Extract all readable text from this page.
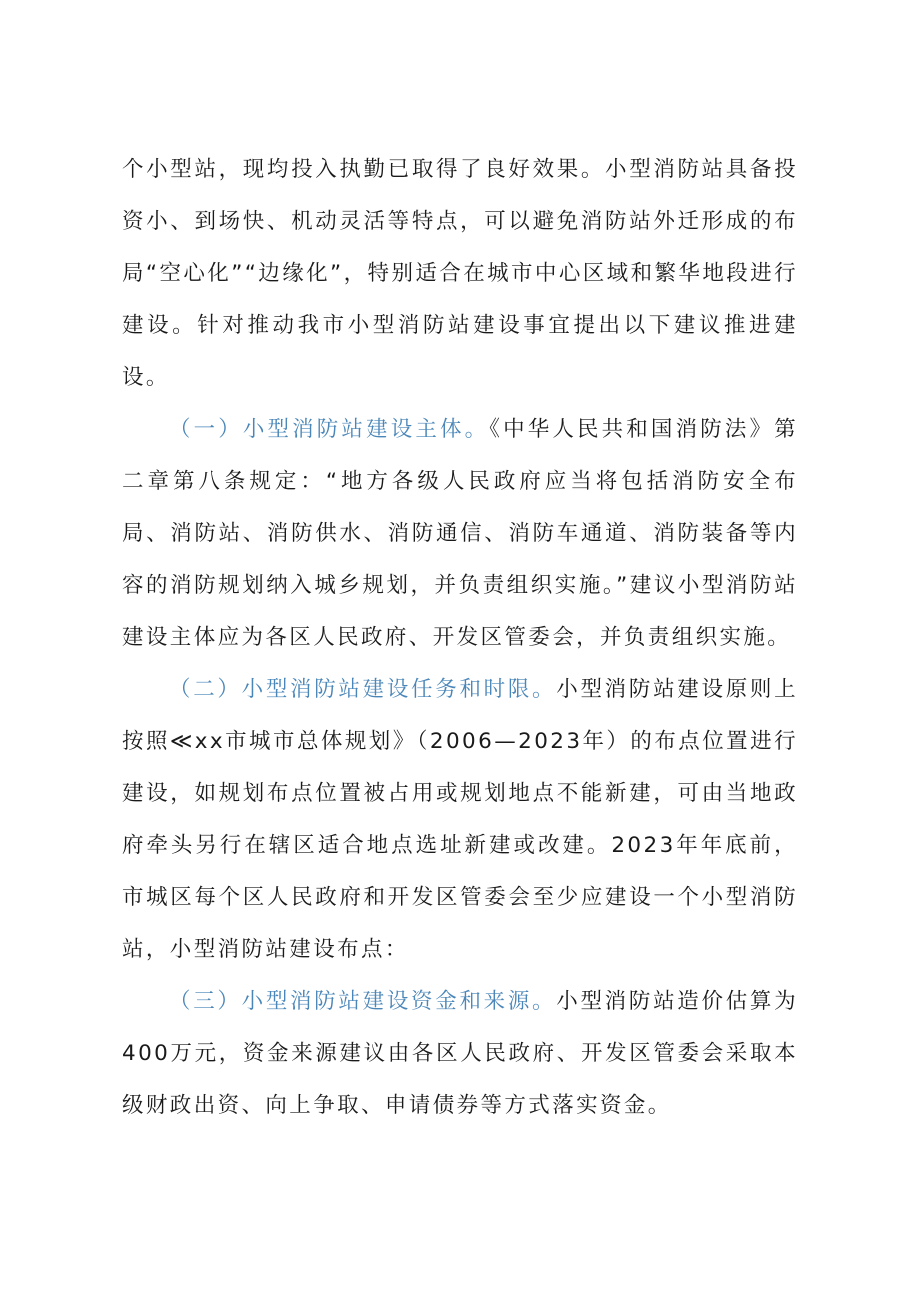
个小型站，现均投入执勤已取得了良好效果。小型消防站具备投资小、到场快、机动灵活等特点，可以避免消防站外迁形成的布局“空心化”“边缘化”，特别适合在城市中心区域和繁华地段进行建设。针对推动我市小型消防站建设事宜提出以下建议推进建设。

（一）小型消防站建设主体。《中华人民共和国消防法》第二章第八条规定：“地方各级人民政府应当将包括消防安全布局、消防站、消防供水、消防通信、消防车通道、消防装备等内容的消防规划纳入城乡规划，并负责组织实施。”建议小型消防站建设主体应为各区人民政府、开发区管委会，并负责组织实施。

（二）小型消防站建设任务和时限。小型消防站建设原则上按照≪xx市城市总体规划》（2006—2023年）的布点位置进行建设，如规划布点位置被占用或规划地点不能新建，可由当地政府牵头另行在辖区适合地点选址新建或改建。2023年年底前，市城区每个区人民政府和开发区管委会至少应建设一个小型消防站，小型消防站建设布点：

（三）小型消防站建设资金和来源。小型消防站造价估算为400万元，资金来源建议由各区人民政府、开发区管委会采取本级财政出资、向上争取、申请债券等方式落实资金。
